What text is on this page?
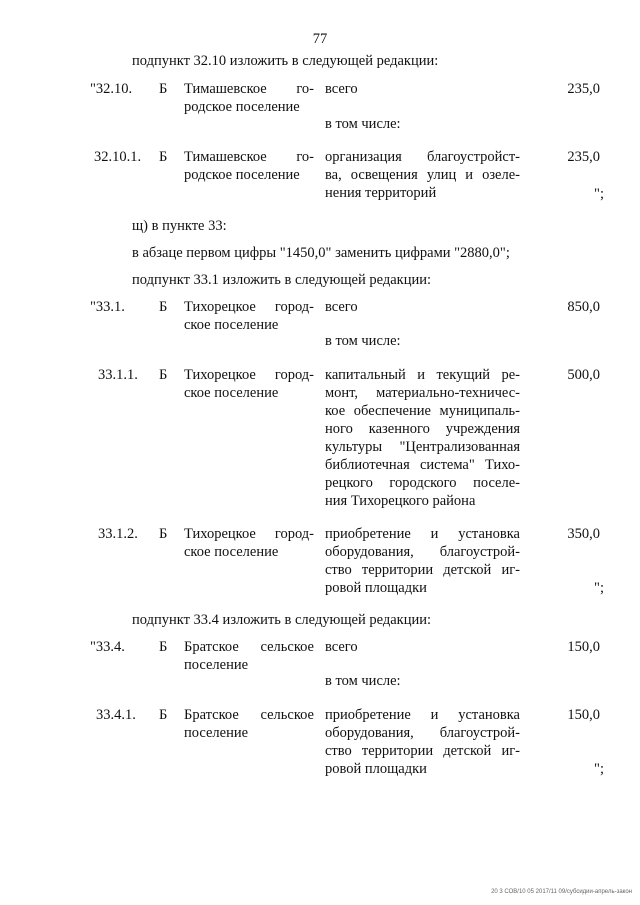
77
подпункт 32.10 изложить в следующей редакции:
"32.10. Б Тимашевское го-
родское поселение
всего
в том числе:
235,0
32.10.1. Б Тимашевское го-
родское поселение
организация благоустройст-
ва, освещения улиц и озеле-
нения территорий
235,0
";
щ) в пункте 33:
в абзаце первом цифры "1450,0" заменить цифрами "2880,0";
подпункт 33.1 изложить в следующей редакции:
"33.1. Б Тихорецкое город-
ское поселение
всего
в том числе:
850,0
33.1.1. Б Тихорецкое город-
ское поселение
капитальный и текущий ре-
монт, материально-техничес-
кое обеспечение муниципаль-
ного казенного учреждения
культуры "Централизованная
библиотечная система" Тихо-
рецкого городского поселе-
ния Тихорецкого района
500,0
33.1.2. Б Тихорецкое город-
ское поселение
приобретение и установка
оборудования, благоустрой-
ство территории детской иг-
ровой площадки
350,0
";
подпункт 33.4 изложить в следующей редакции:
"33.4. Б Братское сельское
поселение
всего
в том числе:
150,0
33.4.1. Б Братское сельское
поселение
приобретение и установка
оборудования, благоустрой-
ство территории детской иг-
ровой площадки
150,0
";
20 3 СОВ/10 05 2017/11 09/субсидии-апрель-закон
